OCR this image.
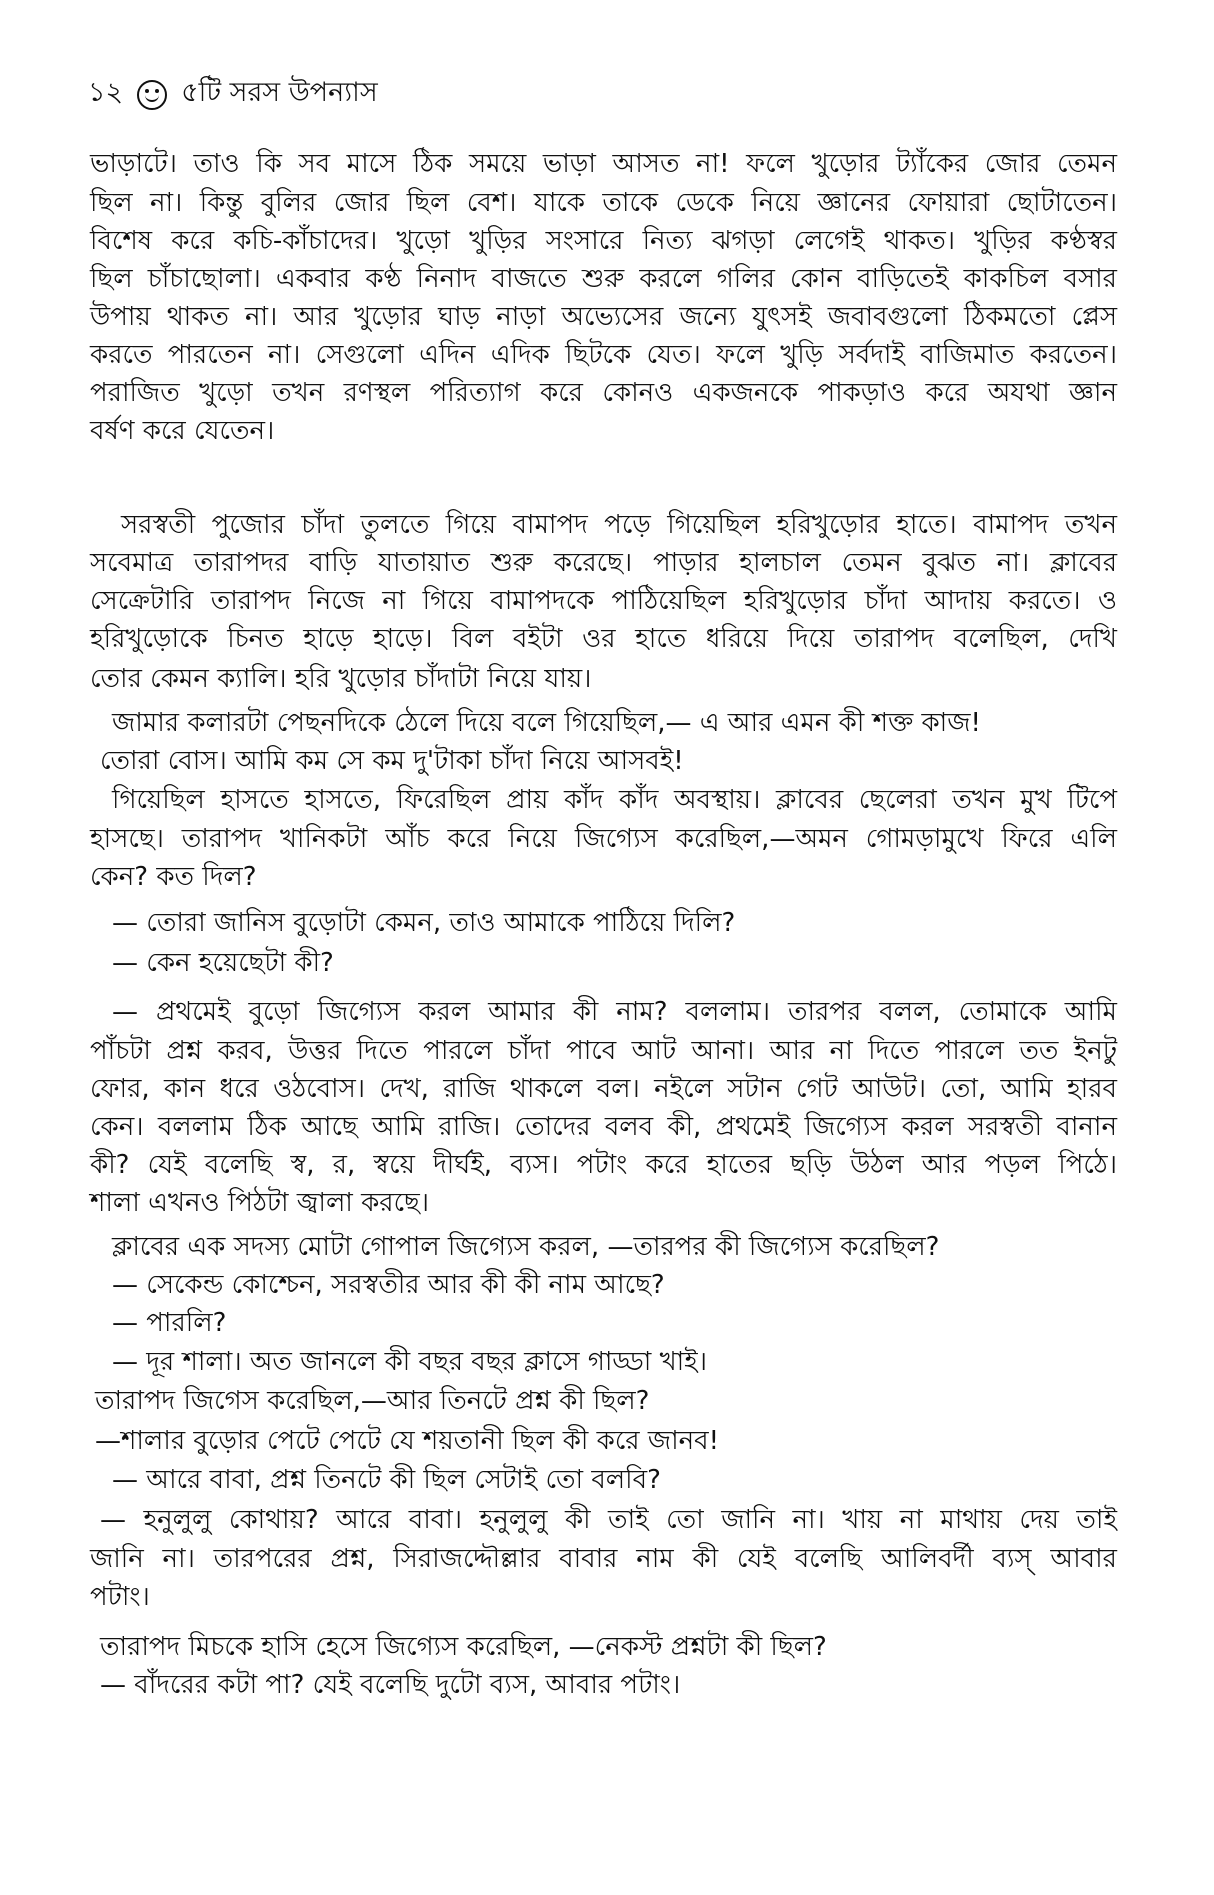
১২ ৫টি সরস উপন্যাস
ভাড়াটে। তাও কি সব মাসে ঠিক সময়ে ভাড়া আসত না! ফলে খুড়োর ট্যাঁকের জোর তেমন
ছিল না। কিন্তু বুলির জোর ছিল বেশ। যাকে তাকে ডেকে নিয়ে জ্ঞানের ফোয়ারা ছোটাতেন।
বিশেষ করে কচি-কাঁচাদের। খুড়ো খুড়ির সংসারে নিত্য ঝগড়া লেগেই থাকত। খুড়ির কণ্ঠস্বর
ছিল চাঁচাছোলা। একবার কণ্ঠ নিনাদ বাজতে শুরু করলে গলির কোন বাড়িতেই কাকচিল বসার
উপায় থাকত না। আর খুড়োর ঘাড় নাড়া অভ্যেসের জন্যে যুৎসই জবাবগুলো ঠিকমতো প্লেস
করতে পারতেন না। সেগুলো এদিন এদিক ছিটকে যেত। ফলে খুড়ি সর্বদাই বাজিমাত করতেন।
পরাজিত খুড়ো তখন রণস্থল পরিত্যাগ করে কোনও একজনকে পাকড়াও করে অযথা জ্ঞান
বর্ষণ করে যেতেন।
সরস্বতী পুজোর চাঁদা তুলতে গিয়ে বামাপদ পড়ে গিয়েছিল হরিখুড়োর হাতে। বামাপদ তখন
সবেমাত্র তারাপদর বাড়ি যাতায়াত শুরু করেছে। পাড়ার হালচাল তেমন বুঝত না। ক্লাবের
সেক্রেটারি তারাপদ নিজে না গিয়ে বামাপদকে পাঠিয়েছিল হরিখুড়োর চাঁদা আদায় করতে। ও
হরিখুড়োকে চিনত হাড়ে হাড়ে। বিল বইটা ওর হাতে ধরিয়ে দিয়ে তারাপদ বলেছিল, দেখি
তোর কেমন ক্যালি। হরি খুড়োর চাঁদাটা নিয়ে যায়।
জামার কলারটা পেছনদিকে ঠেলে দিয়ে বলে গিয়েছিল,— এ আর এমন কী শক্ত কাজ!
তোরা বোস। আমি কম সে কম দু'টাকা চাঁদা নিয়ে আসবই!
গিয়েছিল হাসতে হাসতে, ফিরেছিল প্রায় কাঁদ কাঁদ অবস্থায়। ক্লাবের ছেলেরা তখন মুখ টিপে
হাসছে। তারাপদ খানিকটা আঁচ করে নিয়ে জিগ্যেস করেছিল,—অমন গোমড়ামুখে ফিরে এলি
কেন? কত দিল?
— তোরা জানিস বুড়োটা কেমন, তাও আমাকে পাঠিয়ে দিলি?
— কেন হয়েছেটা কী?
— প্রথমেই বুড়ো জিগ্যেস করল আমার কী নাম? বললাম। তারপর বলল, তোমাকে আমি
পাঁচটা প্রশ্ন করব, উত্তর দিতে পারলে চাঁদা পাবে আট আনা। আর না দিতে পারলে তত ইনটু
ফোর, কান ধরে ওঠবোস। দেখ, রাজি থাকলে বল। নইলে সটান গেট আউট। তো, আমি হারব
কেন। বললাম ঠিক আছে আমি রাজি। তোদের বলব কী, প্রথমেই জিগ্যেস করল সরস্বতী বানান
কী? যেই বলেছি স্ব, র, স্বয়ে দীর্ঘই, ব্যস। পটাং করে হাতের ছড়ি উঠল আর পড়ল পিঠে।
শালা এখনও পিঠটা জ্বালা করছে।
ক্লাবের এক সদস্য মোটা গোপাল জিগ্যেস করল, —তারপর কী জিগ্যেস করেছিল?
— সেকেন্ড কোশ্চেন, সরস্বতীর আর কী কী নাম আছে?
— পারলি?
— দূর শালা। অত জানলে কী বছর বছর ক্লাসে গাড্ডা খাই।
তারাপদ জিগেস করেছিল,—আর তিনটে প্রশ্ন কী ছিল?
—শালার বুড়োর পেটে পেটে যে শয়তানী ছিল কী করে জানব!
— আরে বাবা, প্রশ্ন তিনটে কী ছিল সেটাই তো বলবি?
— হনুলুলু কোথায়? আরে বাবা। হনুলুলু কী তাই তো জানি না। খায় না মাথায় দেয় তাই
জানি না। তারপরের প্রশ্ন, সিরাজদ্দৌল্লার বাবার নাম কী যেই বলেছি আলিবর্দী ব্যস্ আবার
পটাং।
তারাপদ মিচকে হাসি হেসে জিগ্যেস করেছিল, —নেকস্ট প্রশ্নটা কী ছিল?
— বাঁদরের কটা পা? যেই বলেছি দুটো ব্যস, আবার পটাং।
